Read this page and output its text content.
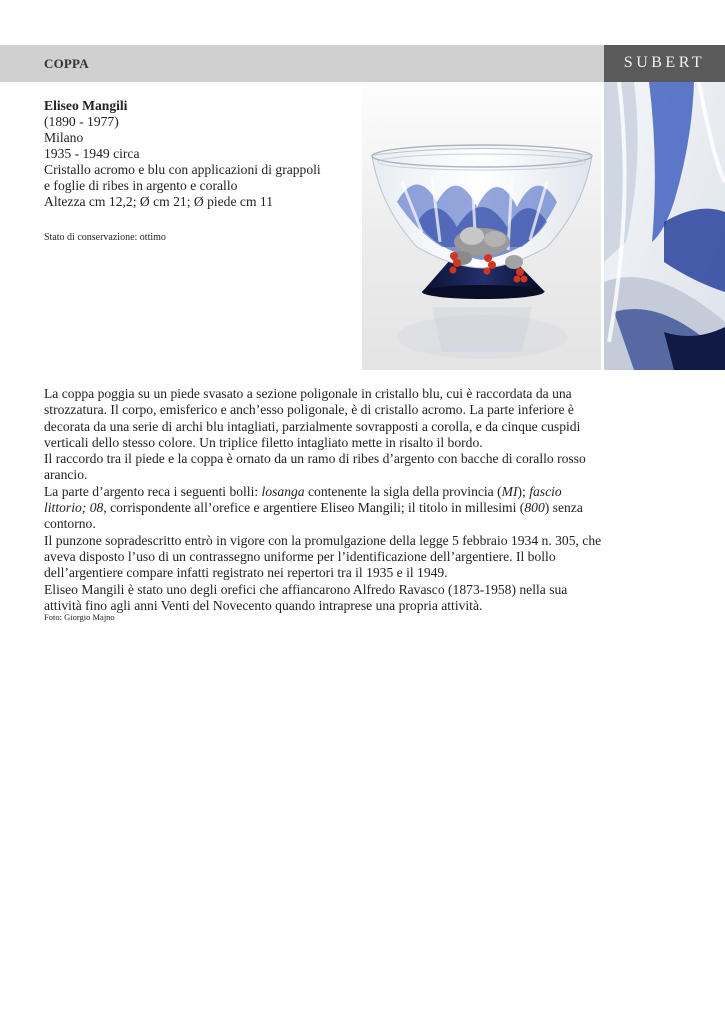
COPPA	SUBERT
Eliseo Mangili
(1890 - 1977)
Milano
1935 - 1949 circa
Cristallo acromo e blu con applicazioni di grappoli
e foglie di ribes in argento e corallo
Altezza cm 12,2; Ø cm 21; Ø piede cm 11
Stato di conservazione: ottimo

La coppa poggia su un piede svasato a sezione poligonale in cristallo blu, cui è raccordata da una strozzatura. Il corpo, emisferico e anch’esso poligonale, è di cristallo acromo. La parte inferiore è decorata da una serie di archi blu intagliati, parzialmente sovrapposti a corolla, e da cinque cuspidi verticali dello stesso colore. Un triplice filetto intagliato mette in risalto il bordo.

Il raccordo tra il piede e la coppa è ornato da un ramo di ribes d’argento con bacche di corallo rosso arancio.

La parte d’argento reca i seguenti bolli: losanga contenente la sigla della provincia (MI); fascio littorio; 08, corrispondente all’orefice e argentiere Eliseo Mangili; il titolo in millesimi (800) senza contorno.

Il punzone sopradescritto entrò in vigore con la promulgazione della legge 5 febbraio 1934 n. 305, che aveva disposto l’uso di un contrassegno uniforme per l’identificazione dell’argentiere. Il bollo dell’argentiere compare infatti registrato nei repertori tra il 1935 e il 1949.

Eliseo Mangili è stato uno degli orefici che affiancarono Alfredo Ravasco (1873-1958) nella sua attività fino agli anni Venti del Novecento quando intraprese una propria attività.

Foto: Giorgio Majno
